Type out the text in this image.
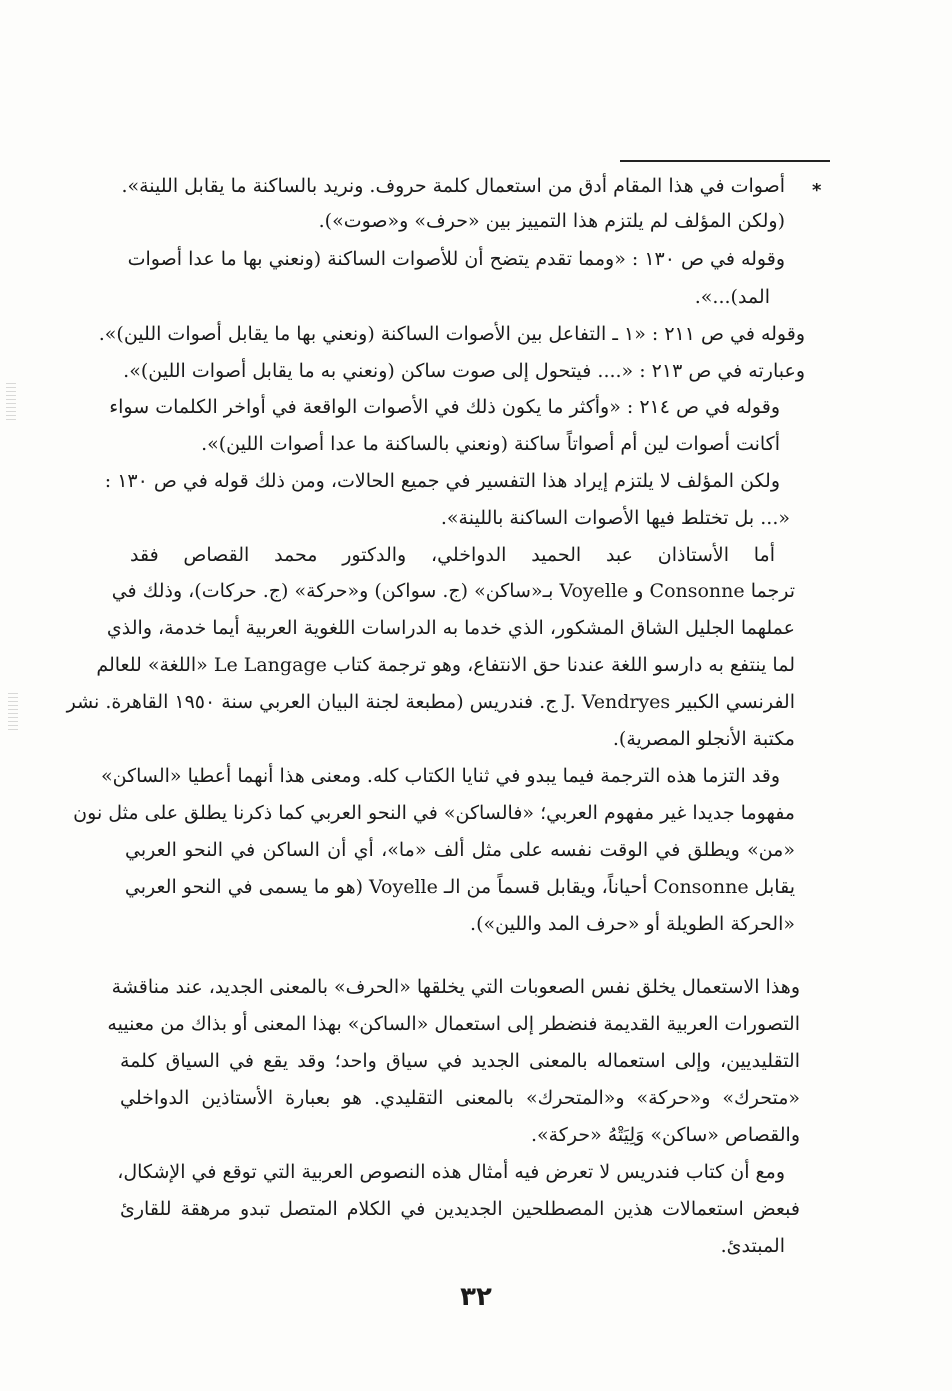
*
أصوات في هذا المقام أدق من استعمال كلمة حروف. ونريد بالساكنة ما يقابل اللينة».
(ولكن المؤلف لم يلتزم هذا التمييز بين «حرف» و«صوت»).
وقوله في ص ١٣٠ : «ومما تقدم يتضح أن للأصوات الساكنة (ونعني بها ما عدا أصوات
المد)...».
وقوله في ص ٢١١ : «١ ـ التفاعل بين الأصوات الساكنة (ونعني بها ما يقابل أصوات اللين)».
وعبارته في ص ٢١٣ : «.... فيتحول إلى صوت ساكن (ونعني به ما يقابل أصوات اللين)».
وقوله في ص ٢١٤ : «وأكثر ما يكون ذلك في الأصوات الواقعة في أواخر الكلمات سواء
أكانت أصوات لين أم أصواتاً ساكنة (ونعني بالساكنة ما عدا أصوات اللين)».
ولكن المؤلف لا يلتزم إيراد هذا التفسير في جميع الحالات، ومن ذلك قوله في ص ١٣٠ :
«... بل تختلط فيها الأصوات الساكنة باللينة».
أما الأستاذان عبد الحميد الدواخلي، والدكتور محمد القصاص فقد
ترجما Consonne و Voyelle بـ«ساكن» (ج. سواكن) و«حركة» (ج. حركات)، وذلك في
عملهما الجليل الشاق المشكور، الذي خدما به الدراسات اللغوية العربية أيما خدمة، والذي
لما ينتفع به دارسو اللغة عندنا حق الانتفاع، وهو ترجمة كتاب Le Langage «اللغة» للعالم
الفرنسي الكبير J. Vendryes ج. فندريس (مطبعة لجنة البيان العربي سنة ١٩٥٠ القاهرة. نشر
مكتبة الأنجلو المصرية).
وقد التزما هذه الترجمة فيما يبدو في ثنايا الكتاب كله. ومعنى هذا أنهما أعطيا «الساكن»
مفهوما جديدا غير مفهوم العربي؛ «فالساكن» في النحو العربي كما ذكرنا يطلق على مثل نون
«من» ويطلق في الوقت نفسه على مثل ألف «ما»، أي أن الساكن في النحو العربي
يقابل Consonne أحياناً، ويقابل قسماً من الـ Voyelle (هو ما يسمى في النحو العربي
«الحركة الطويلة أو «حرف المد واللين»).
وهذا الاستعمال يخلق نفس الصعوبات التي يخلقها «الحرف» بالمعنى الجديد، عند مناقشة
التصورات العربية القديمة فنضطر إلى استعمال «الساكن» بهذا المعنى أو بذاك من معنييه
التقليديين، وإلى استعماله بالمعنى الجديد في سياق واحد؛ وقد يقع في السياق كلمة
«متحرك» و«حركة» و«المتحرك» بالمعنى التقليدي. هو بعبارة الأستاذين الدواخلي
والقصاص «ساكن» وَلِيَتْهُ «حركة».
ومع أن كتاب فندريس لا تعرض فيه أمثال هذه النصوص العربية التي توقع في الإشكال،
فبعض استعمالات هذين المصطلحين الجديدين في الكلام المتصل تبدو مرهقة للقارئ
المبتدئ.
٣٢
